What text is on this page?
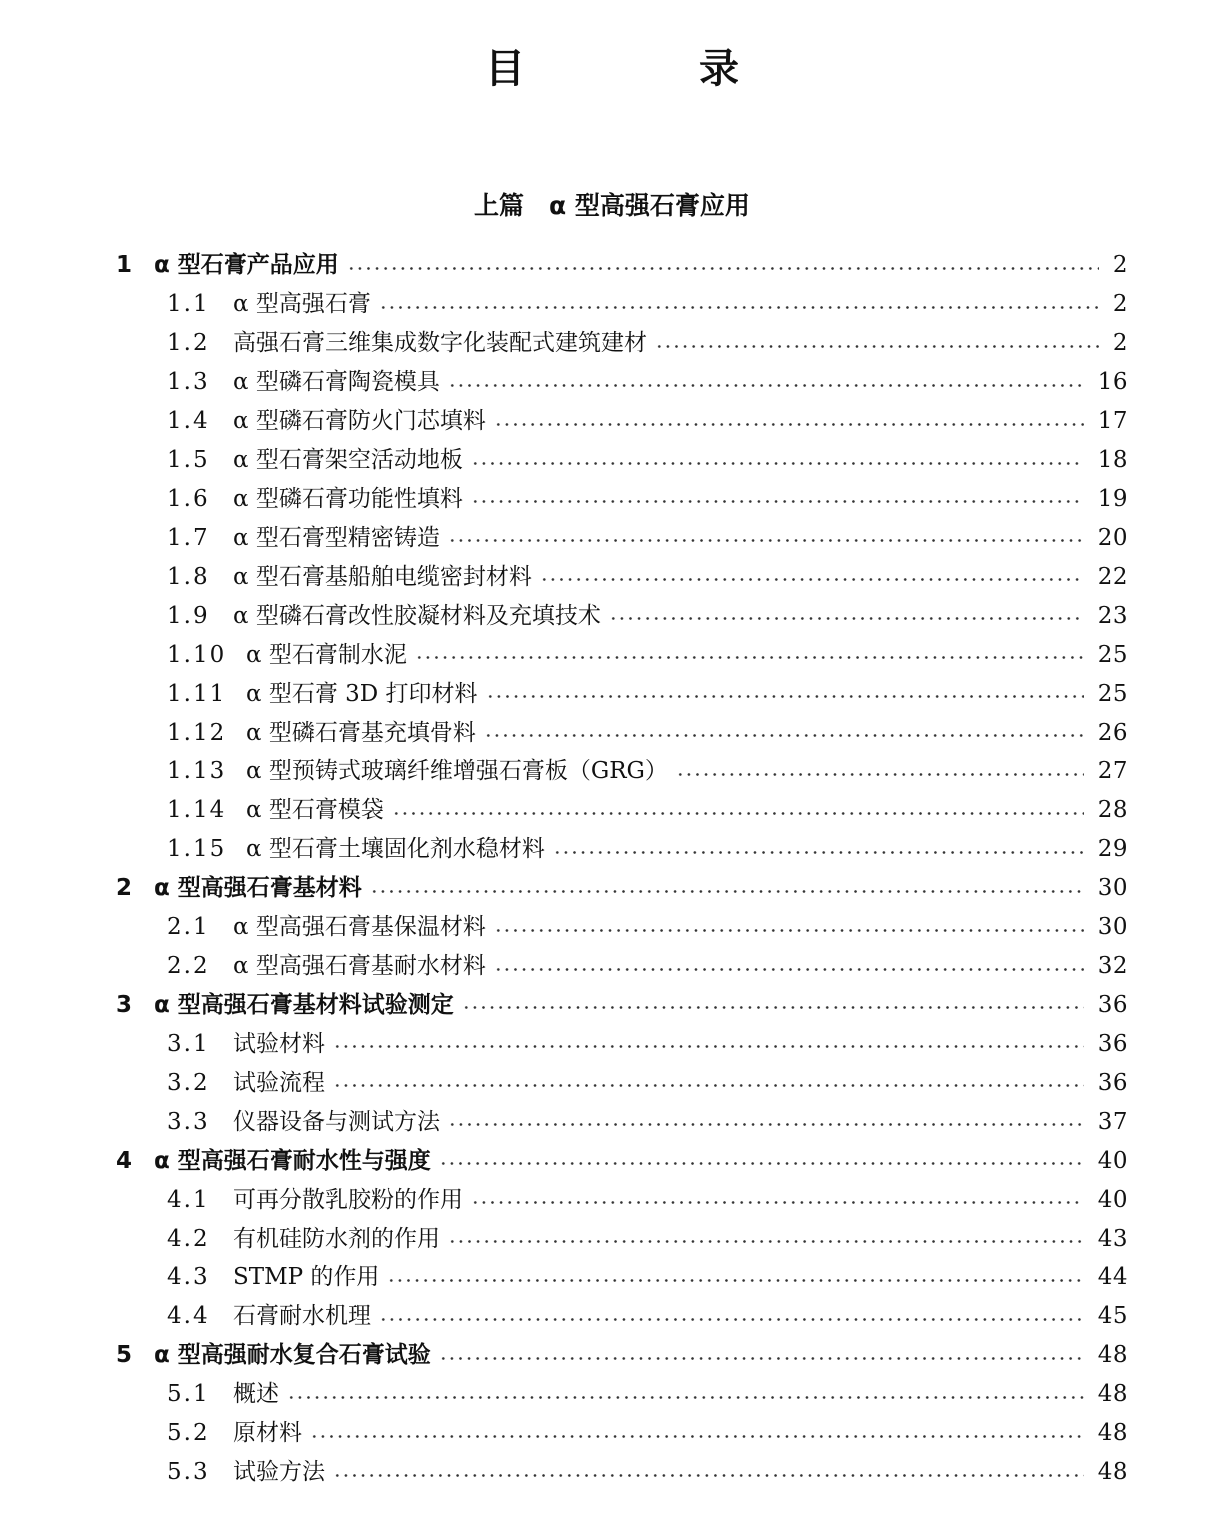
目 录
上篇　α 型高强石膏应用
1 α 型石膏产品应用	2
1.1	α 型高强石膏	2
1.2	高强石膏三维集成数字化装配式建筑建材	2
1.3	α 型磷石膏陶瓷模具	16
1.4	α 型磷石膏防火门芯填料	17
1.5	α 型石膏架空活动地板	18
1.6	α 型磷石膏功能性填料	19
1.7	α 型石膏型精密铸造	20
1.8	α 型石膏基船舶电缆密封材料	22
1.9	α 型磷石膏改性胶凝材料及充填技术	23
1.10 α 型石膏制水泥	25
1.11 α 型石膏 3D 打印材料	25
1.12 α 型磷石膏基充填骨料	26
1.13 α 型预铸式玻璃纤维增强石膏板（GRG）	27
1.14 α 型石膏模袋	28
1.15 α 型石膏土壤固化剂水稳材料	29
2 α 型高强石膏基材料	30
2.1	α 型高强石膏基保温材料	30
2.2	α 型高强石膏基耐水材料	32
3 α 型高强石膏基材料试验测定	36
3.1	试验材料	36
3.2	试验流程	36
3.3	仪器设备与测试方法	37
4 α 型高强石膏耐水性与强度	40
4.1	可再分散乳胶粉的作用	40
4.2	有机硅防水剂的作用	43
4.3	STMP 的作用	44
4.4	石膏耐水机理	45
5 α 型高强耐水复合石膏试验	48
5.1	概述	48
5.2	原材料	48
5.3	试验方法	48
